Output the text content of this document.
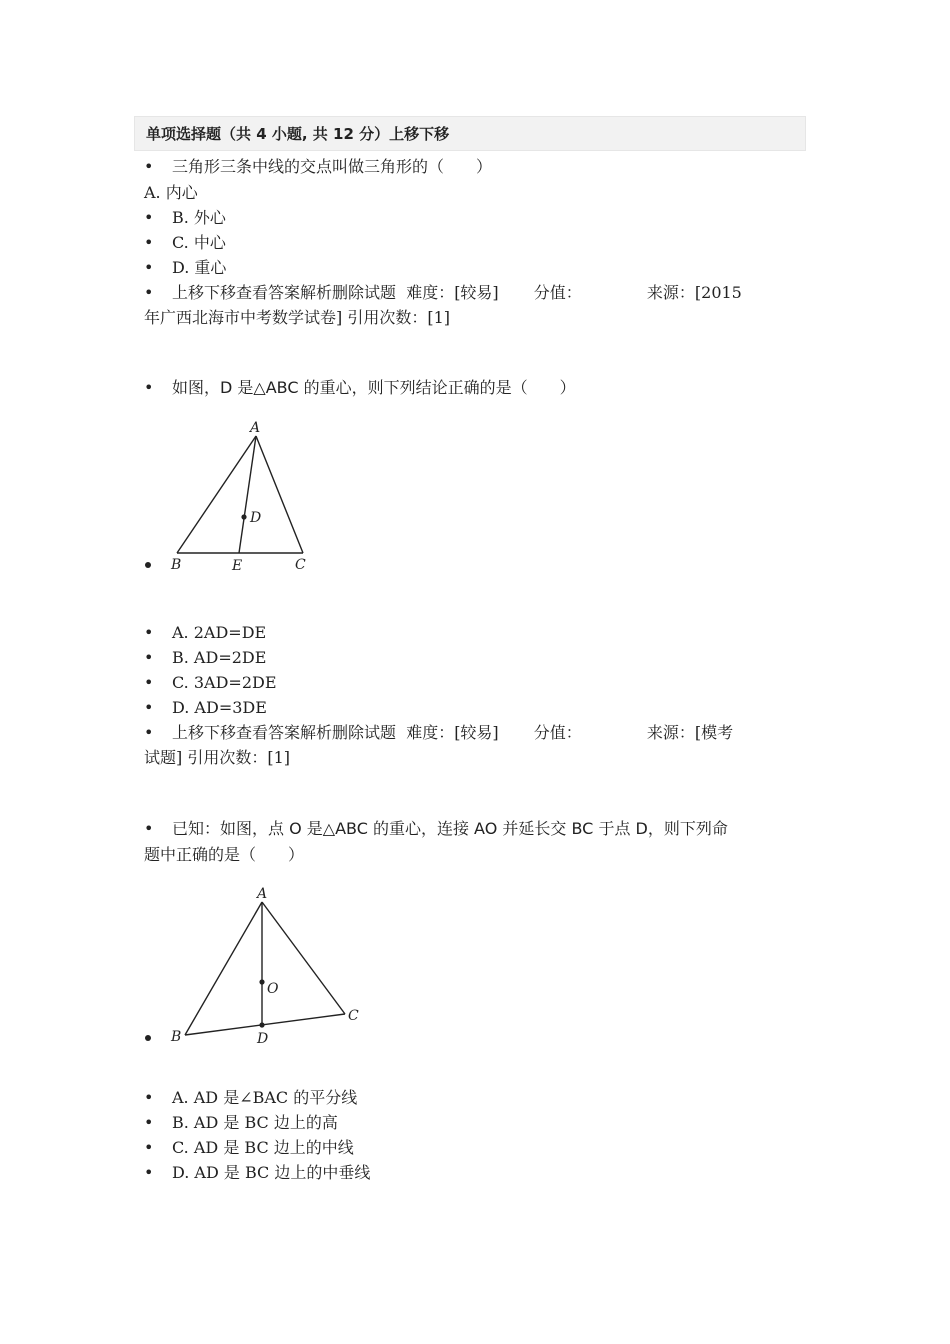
单项选择题（共 4 小题, 共 12 分）上移下移
• 三角形三条中线的交点叫做三角形的（　　）
A. 内心
• B. 外心
• C. 中心
• D. 重心
• 上移下移查看答案解析删除试题 难度：[较易] 分值：	来源：[2015
年广西北海市中考数学试卷] 引用次数：[1]
• 如图，D 是△ABC 的重心，则下列结论正确的是（　　）
A
D
B	E	C
• A. 2AD=DE
• B. AD=2DE
• C. 3AD=2DE
• D. AD=3DE
• 上移下移查看答案解析删除试题 难度：[较易] 分值：	来源：[模考
试题] 引用次数：[1]
• 已知：如图，点 O 是△ABC 的重心，连接 AO 并延长交 BC 于点 D，则下列命
题中正确的是（　　）
A
O
C
B	D
• A. AD 是∠BAC 的平分线
• B. AD 是 BC 边上的高
• C. AD 是 BC 边上的中线
• D. AD 是 BC 边上的中垂线
